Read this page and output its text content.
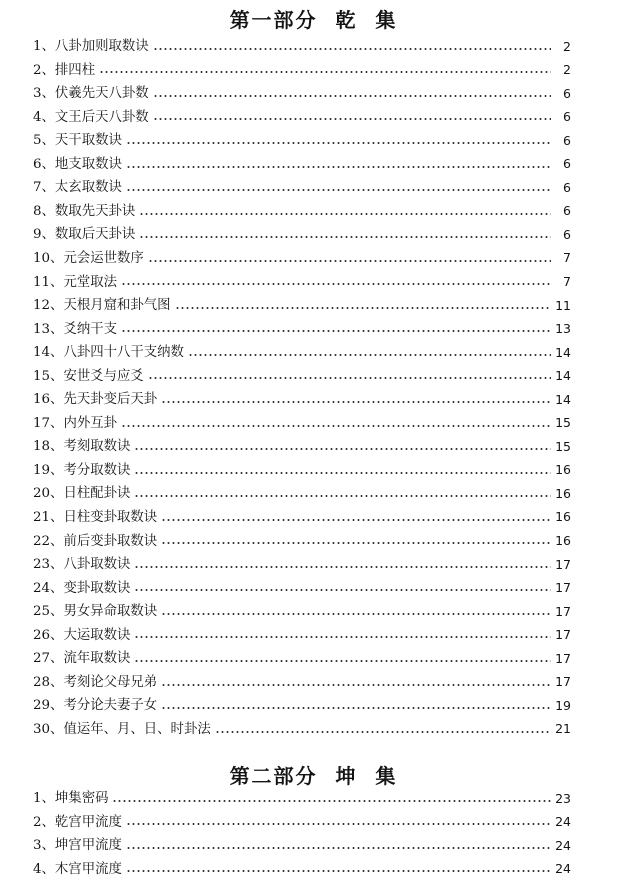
第一部分  乾  集
1、 八卦加则取数诀	2
2、 排四柱	2
3、 伏羲先天八卦数	6
4、 文王后天八卦数	6
5、 天干取数诀	6
6、 地支取数诀	6
7、 太玄取数诀	6
8、 数取先天卦诀	6
9、 数取后天卦诀	6
10、 元会运世数序	7
11、 元堂取法	7
12、 天根月窟和卦气图	11
13、 爻纳干支	13
14、 八卦四十八干支纳数	14
15、 安世爻与应爻	14
16、 先天卦变后天卦	14
17、 内外互卦	15
18、 考刻取数诀	15
19、 考分取数诀	16
20、 日柱配卦诀	16
21、 日柱变卦取数诀	16
22、 前后变卦取数诀	16
23、 八卦取数诀	17
24、 变卦取数诀	17
25、 男女异命取数诀	17
26、 大运取数诀	17
27、 流年取数诀	17
28、 考刻论父母兄弟	17
29、 考分论夫妻子女	19
30、 值运年、月、日、时卦法	21
第二部分  坤  集
1、 坤集密码	23
2、 乾宫甲流度	24
3、 坤宫甲流度	24
4、 木宫甲流度	24
